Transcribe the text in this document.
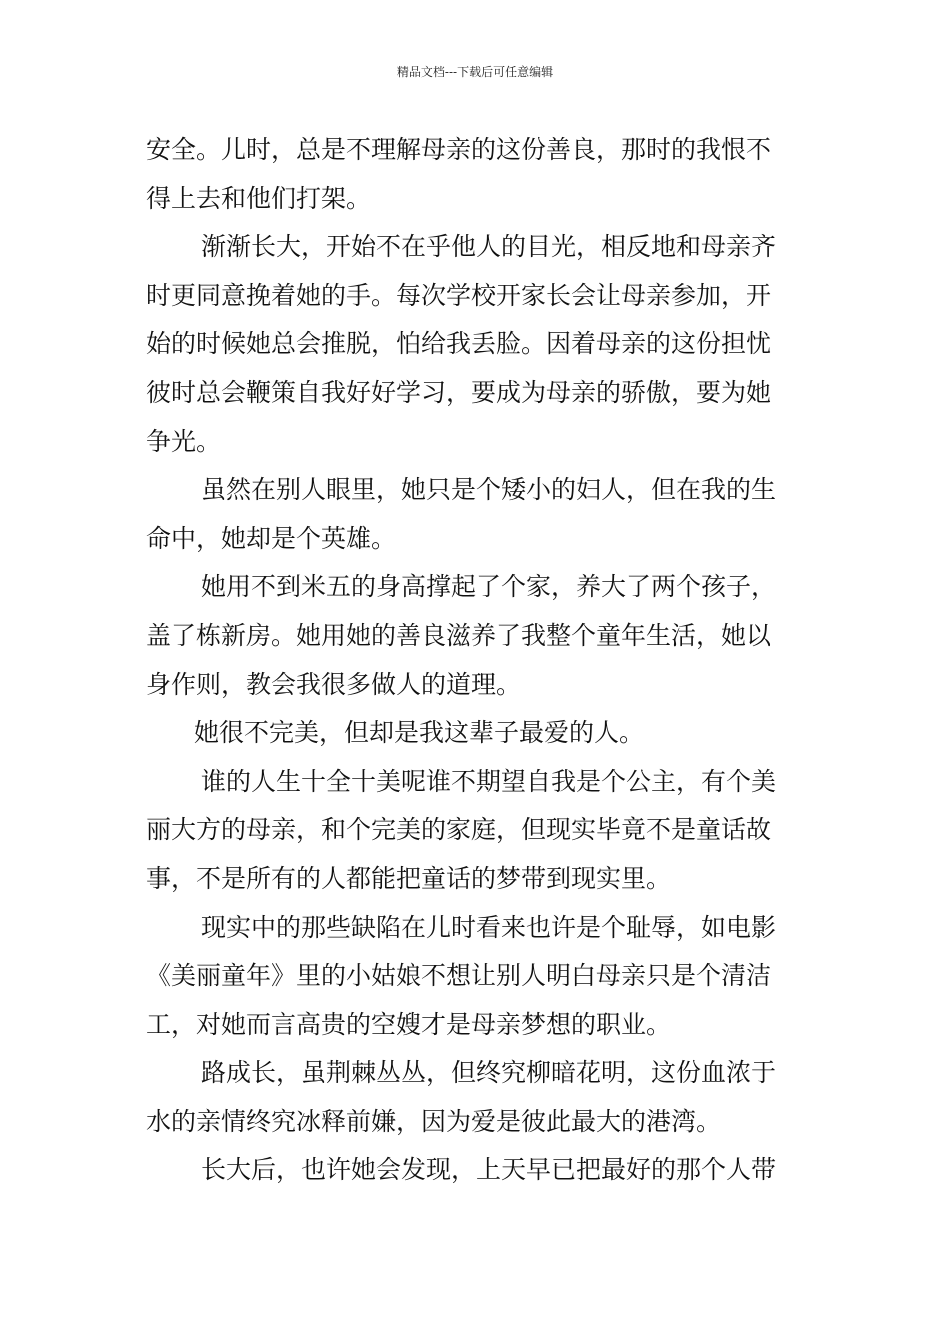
精品文档---下载后可任意编辑
安全。儿时，总是不理解母亲的这份善良，那时的我恨不
得上去和他们打架。
渐渐长大，开始不在乎他人的目光，相反地和母亲齐
时更同意挽着她的手。每次学校开家长会让母亲参加，开
始的时候她总会推脱，怕给我丢脸。因着母亲的这份担忧
彼时总会鞭策自我好好学习，要成为母亲的骄傲，要为她
争光。
虽然在别人眼里，她只是个矮小的妇人，但在我的生
命中，她却是个英雄。
她用不到米五的身高撑起了个家，养大了两个孩子，
盖了栋新房。她用她的善良滋养了我整个童年生活，她以
身作则，教会我很多做人的道理。
她很不完美，但却是我这辈子最爱的人。
谁的人生十全十美呢谁不期望自我是个公主，有个美
丽大方的母亲，和个完美的家庭，但现实毕竟不是童话故
事，不是所有的人都能把童话的梦带到现实里。
现实中的那些缺陷在儿时看来也许是个耻辱，如电影
《美丽童年》里的小姑娘不想让别人明白母亲只是个清洁
工，对她而言高贵的空嫂才是母亲梦想的职业。
路成长，虽荆棘丛丛，但终究柳暗花明，这份血浓于
水的亲情终究冰释前嫌，因为爱是彼此最大的港湾。
长大后，也许她会发现，上天早已把最好的那个人带
